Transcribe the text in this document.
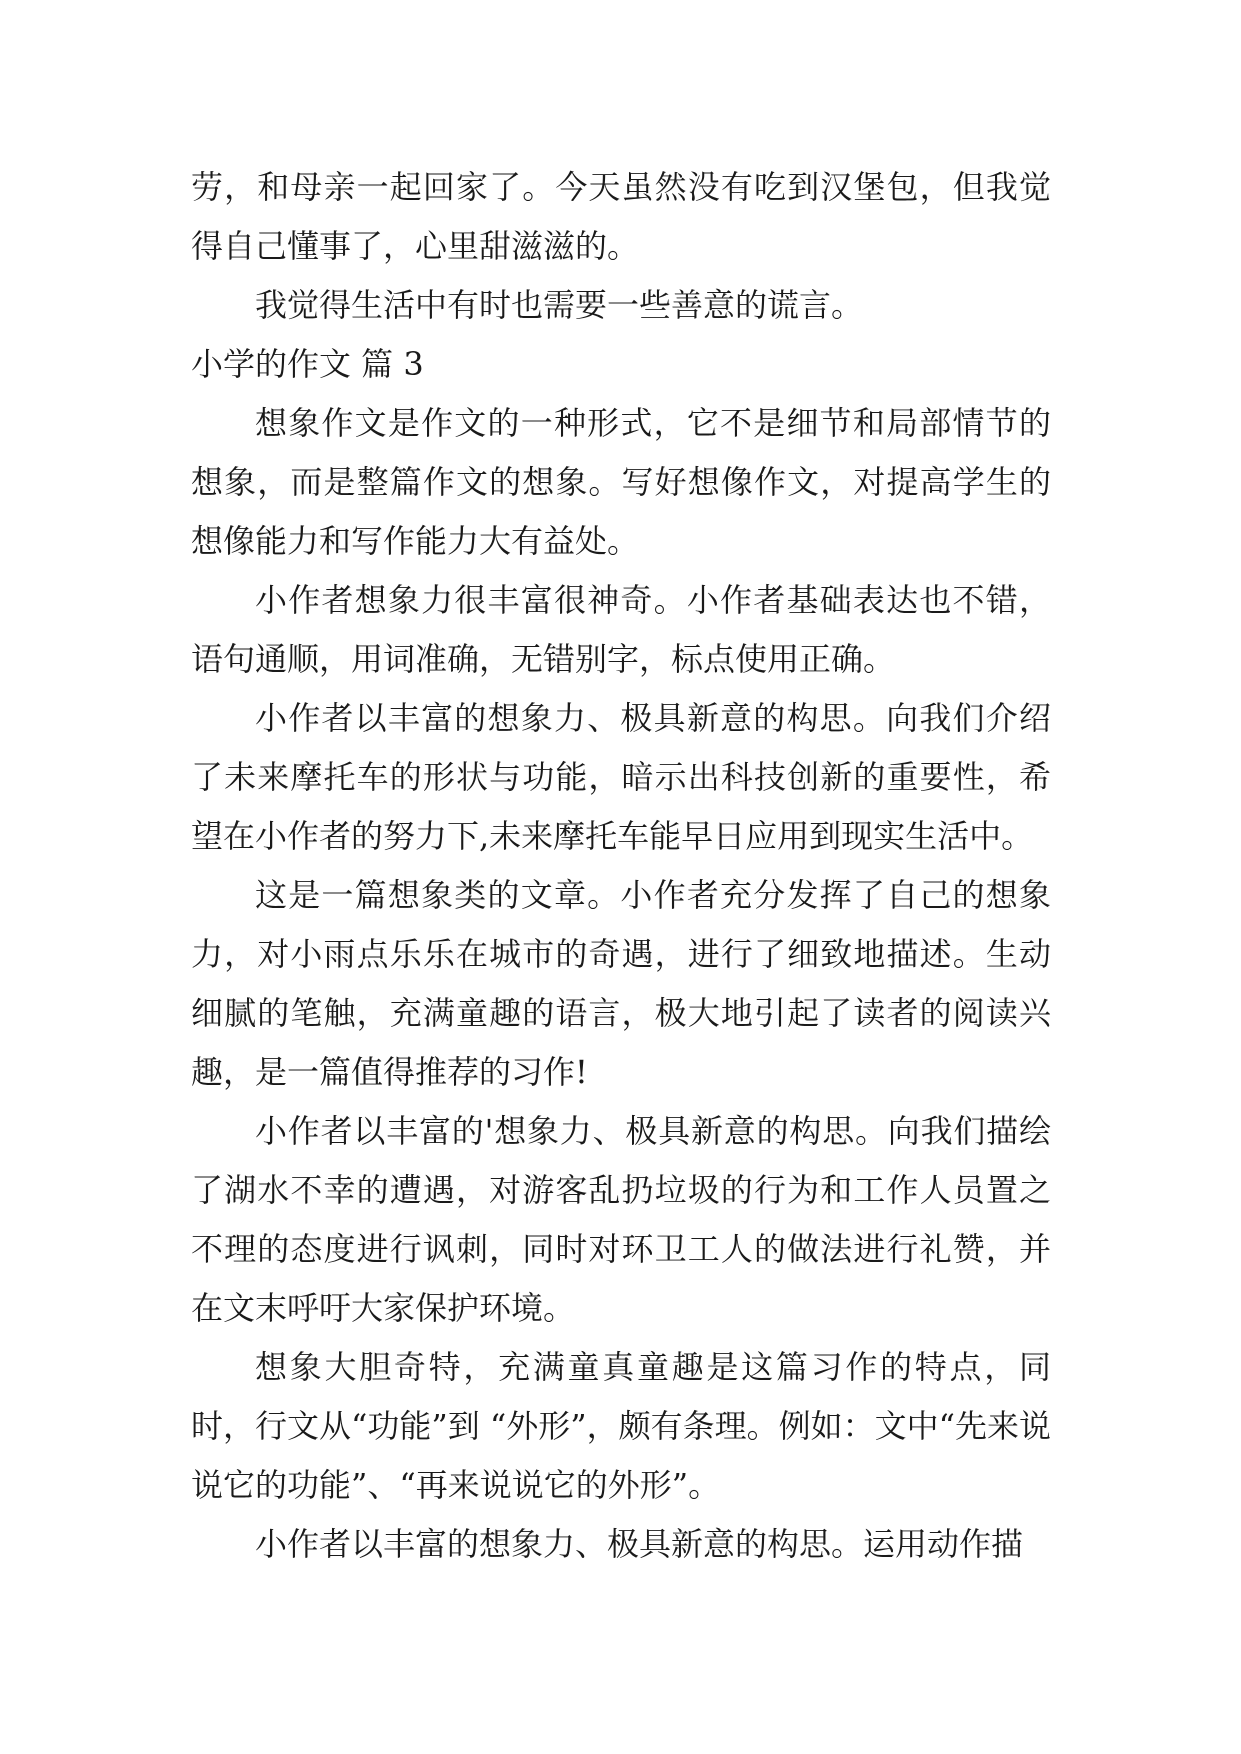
劳，和母亲一起回家了。今天虽然没有吃到汉堡包，但我觉得自己懂事了，心里甜滋滋的。

我觉得生活中有时也需要一些善意的谎言。

小学的作文 篇 3

想象作文是作文的一种形式，它不是细节和局部情节的想象，而是整篇作文的想象。写好想像作文，对提高学生的想像能力和写作能力大有益处。

小作者想象力很丰富很神奇。小作者基础表达也不错，语句通顺，用词准确，无错别字，标点使用正确。

小作者以丰富的想象力、极具新意的构思。向我们介绍了未来摩托车的形状与功能，暗示出科技创新的重要性，希望在小作者的努力下,未来摩托车能早日应用到现实生活中。

这是一篇想象类的文章。小作者充分发挥了自己的想象力，对小雨点乐乐在城市的奇遇，进行了细致地描述。生动细腻的笔触，充满童趣的语言，极大地引起了读者的阅读兴趣，是一篇值得推荐的习作!

小作者以丰富的'想象力、极具新意的构思。向我们描绘了湖水不幸的遭遇，对游客乱扔垃圾的行为和工作人员置之不理的态度进行讽刺，同时对环卫工人的做法进行礼赞，并在文末呼吁大家保护环境。

想象大胆奇特，充满童真童趣是这篇习作的特点，同时，行文从“功能”到 “外形”，颇有条理。例如：文中“先来说说它的功能”、“再来说说它的外形”。

小作者以丰富的想象力、极具新意的构思。运用动作描
